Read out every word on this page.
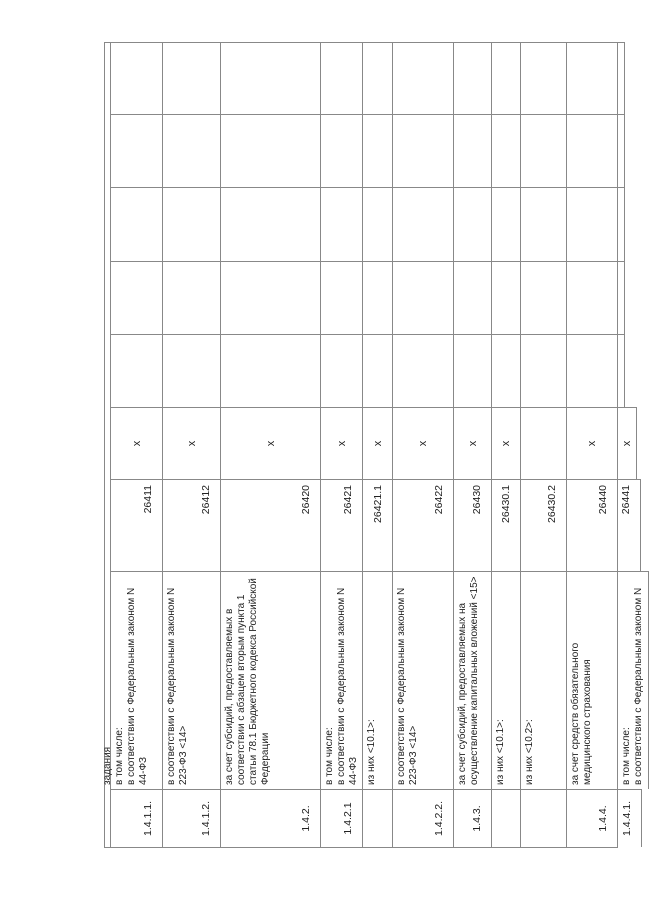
задания
1.4.1.1.
в том числе: в соответствии с Федеральным законом N 44-ФЗ
26411
x
1.4.1.2.
в соответствии с Федеральным законом N 223-ФЗ <14>
26412
x
1.4.2.
за счет субсидий, предоставляемых в соответствии с абзацем вторым пункта 1 статьи 78.1 Бюджетного кодекса Российской Федерации
26420
x
1.4.2.1
в том числе: в соответствии с Федеральным законом N 44-ФЗ
26421
x
из них <10.1>:
26421.1
x
1.4.2.2.
в соответствии с Федеральным законом N 223-ФЗ <14>
26422
x
1.4.3.
за счет субсидий, предоставляемых на осуществление капитальных вложений <15>
26430
x
из них <10.1>:
26430.1
x
из них <10.2>:
26430.2
1.4.4.
за счет средств обязательного медицинского страхования
26440
x
1.4.4.1.
в том числе: в соответствии с Федеральным законом N
26441
x
